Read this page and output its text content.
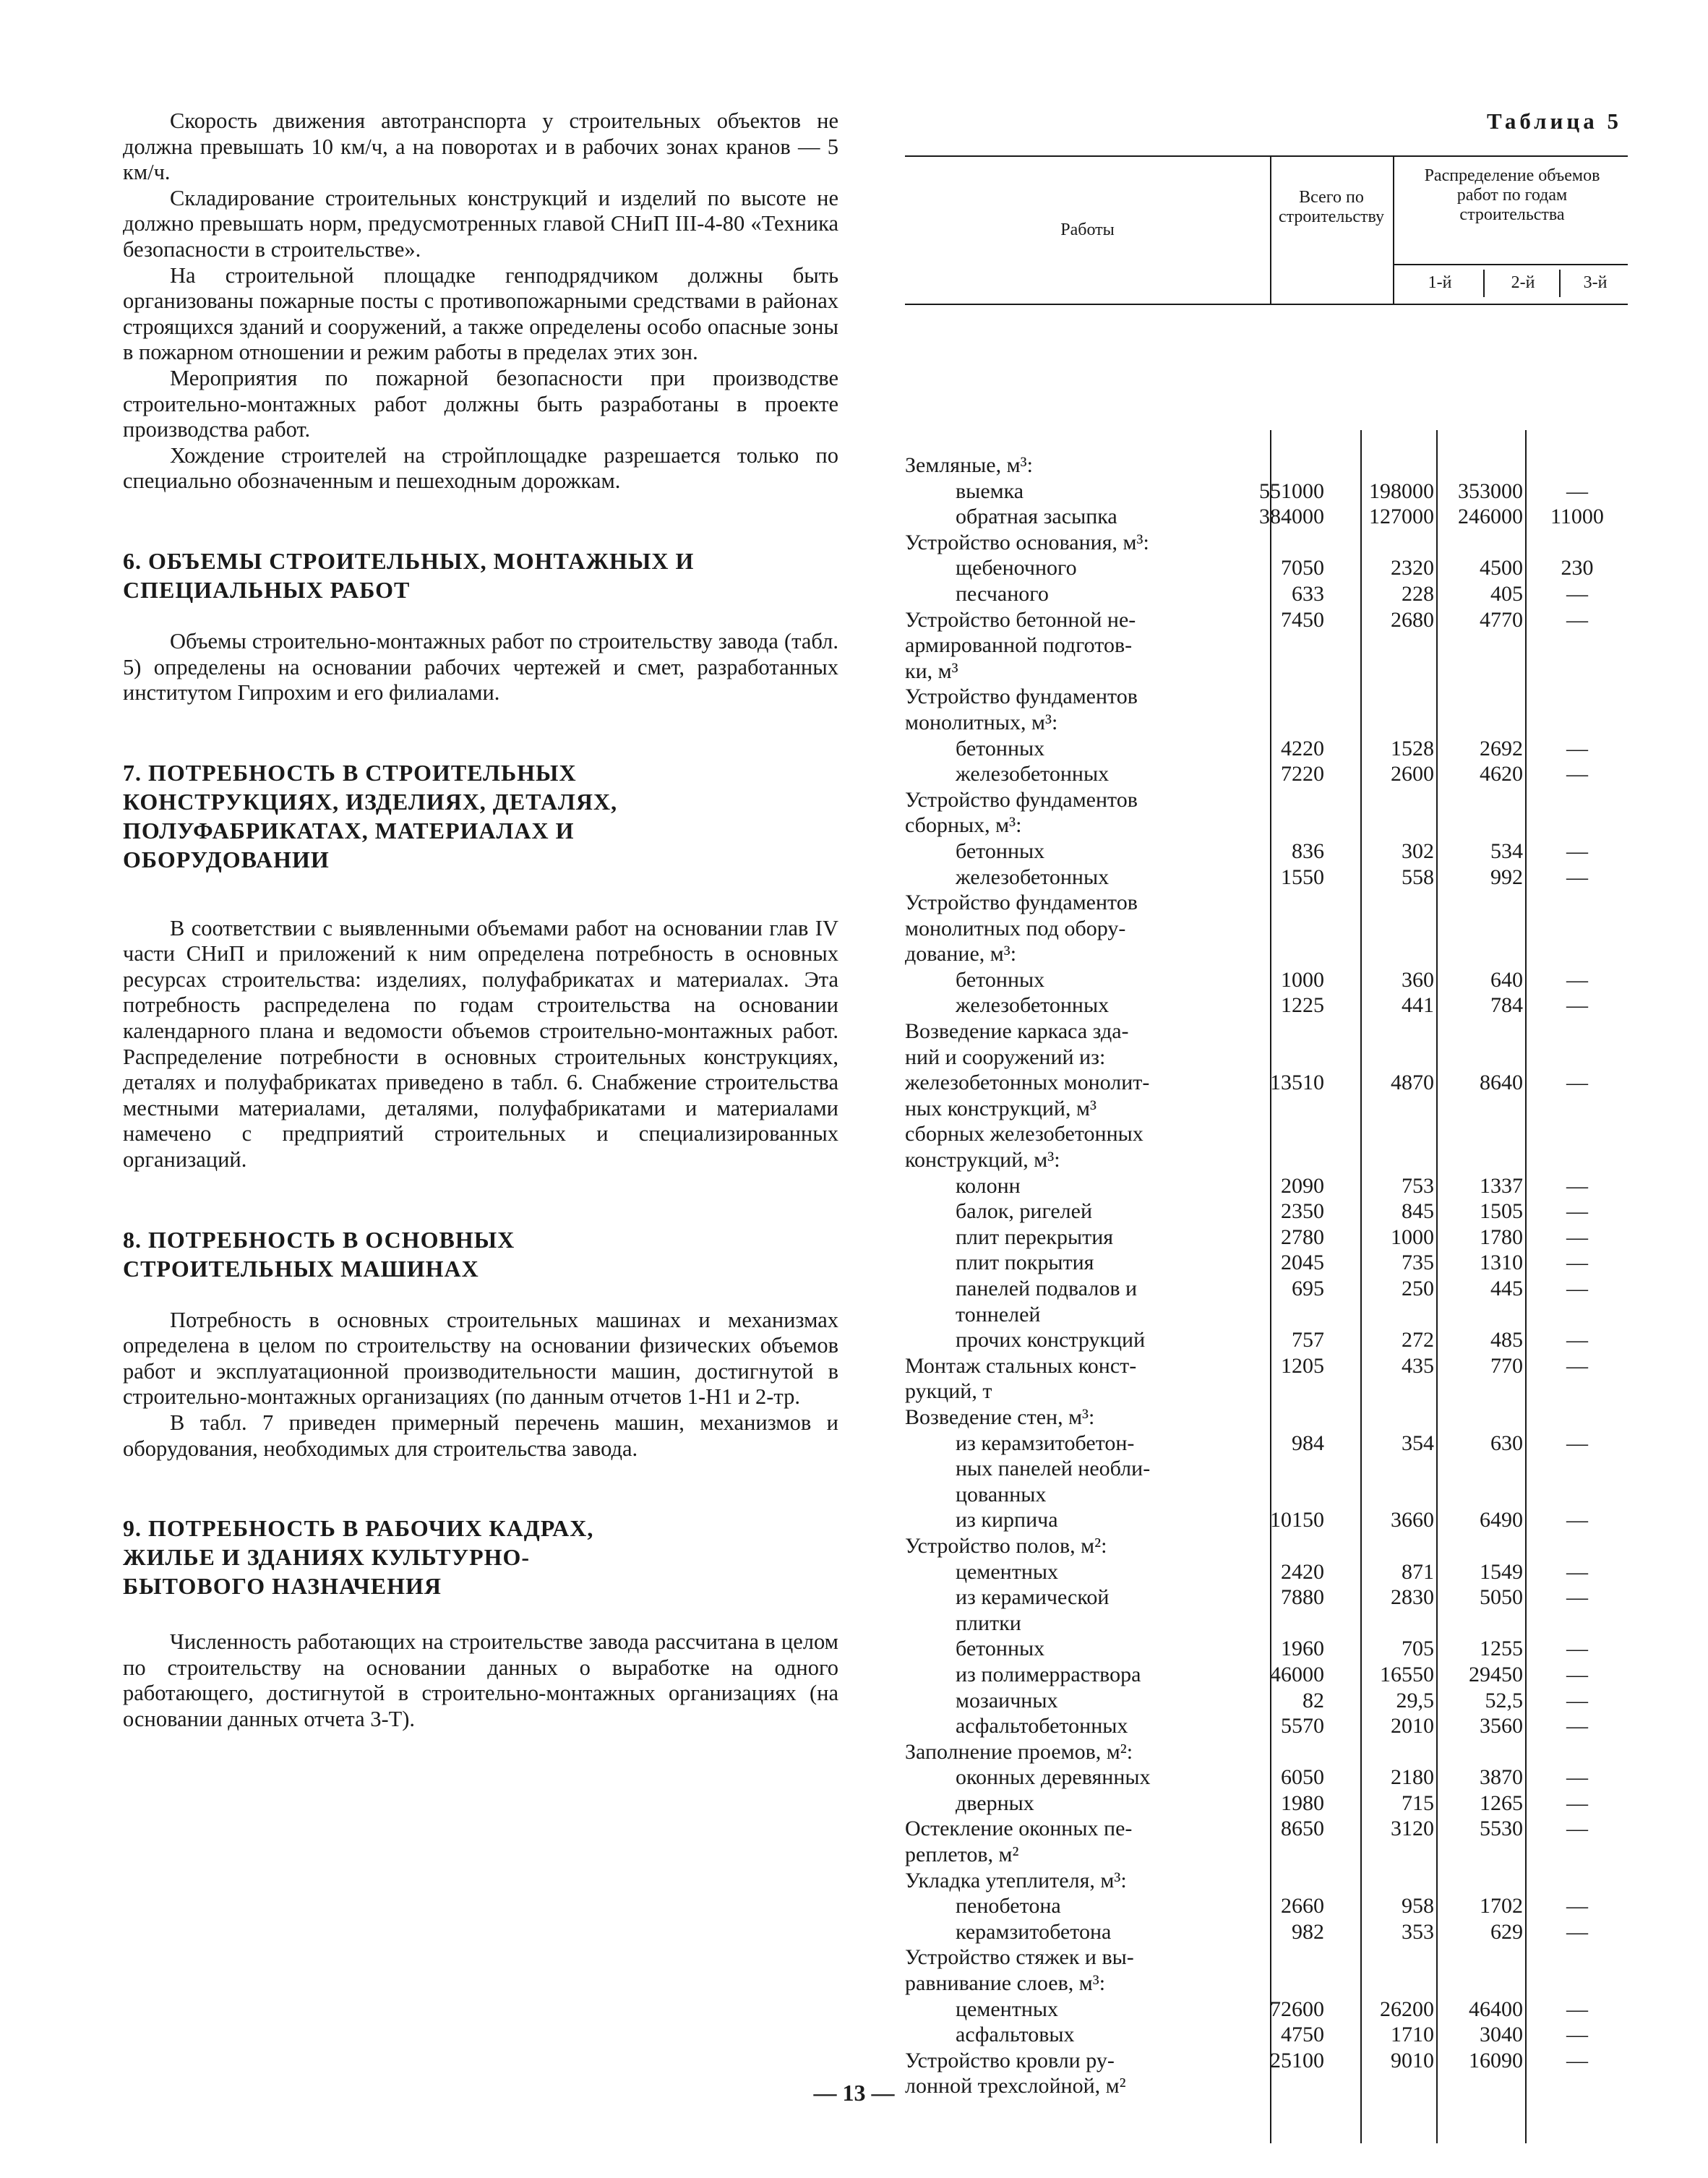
Скорость движения автотранспорта у строительных объектов не должна превышать 10 км/ч, а на поворотах и в рабочих зонах кранов — 5 км/ч.

Складирование строительных конструкций и изделий по высоте не должно превышать норм, предусмотренных главой СНиП III-4-80 «Техника безопасности в строительстве».

На строительной площадке генподрядчиком должны быть организованы пожарные посты с противопожарными средствами в районах строящихся зданий и сооружений, а также определены особо опасные зоны в пожарном отношении и режим работы в пределах этих зон.

Мероприятия по пожарной безопасности при производстве строительно-монтажных работ должны быть разработаны в проекте производства работ.

Хождение строителей на стройплощадке разрешается только по специально обозначенным и пешеходным дорожкам.

6. ОБЪЕМЫ СТРОИТЕЛЬНЫХ, МОНТАЖНЫХ И СПЕЦИАЛЬНЫХ РАБОТ

Объемы строительно-монтажных работ по строительству завода (табл. 5) определены на основании рабочих чертежей и смет, разработанных институтом Гипрохим и его филиалами.

7. ПОТРЕБНОСТЬ В СТРОИТЕЛЬНЫХ КОНСТРУКЦИЯХ, ИЗДЕЛИЯХ, ДЕТАЛЯХ, ПОЛУФАБРИКАТАХ, МАТЕРИАЛАХ И ОБОРУДОВАНИИ

В соответствии с выявленными объемами работ на основании глав IV части СНиП и приложений к ним определена потребность в основных ресурсах строительства: изделиях, полуфабрикатах и материалах. Эта потребность распределена по годам строительства на основании календарного плана и ведомости объемов строительно-монтажных работ. Распределение потребности в основных строительных конструкциях, деталях и полуфабрикатах приведено в табл. 6. Снабжение строительства местными материалами, деталями, полуфабрикатами и материалами намечено с предприятий строительных и специализированных организаций.

8. ПОТРЕБНОСТЬ В ОСНОВНЫХ СТРОИТЕЛЬНЫХ МАШИНАХ

Потребность в основных строительных машинах и механизмах определена в целом по строительству на основании физических объемов работ и эксплуатационной производительности машин, достигнутой в строительно-монтажных организациях (по данным отчетов 1-Н1 и 2-тр.

В табл. 7 приведен примерный перечень машин, механизмов и оборудования, необходимых для строительства завода.

9. ПОТРЕБНОСТЬ В РАБОЧИХ КАДРАХ, ЖИЛЬЕ И ЗДАНИЯХ КУЛЬТУРНО-БЫТОВОГО НАЗНАЧЕНИЯ

Численность работающих на строительстве завода рассчитана в целом по строительству на основании данных о выработке на одного работающего, достигнутой в строительно-монтажных организациях (на основании данных отчета 3-Т).

Таблица 5
Работы
Всего по строительству
Распределение объемов работ по годам строительства
1-й	2-й	3-й
Земляные, м³:
выемка	551000	198000	353000	—
обратная засыпка	384000	127000	246000	11000
Устройство основания, м³:
щебеночного	7050	2320	4500	230
песчаного	633	228	405	—
Устройство бетонной не-	7450	2680	4770	—
армированной подготов-
ки, м³
Устройство фундаментов
монолитных, м³:
бетонных	4220	1528	2692	—
железобетонных	7220	2600	4620	—
Устройство фундаментов
сборных, м³:
бетонных	836	302	534	—
железобетонных	1550	558	992	—
Устройство фундаментов
монолитных под обору-
дование, м³:
бетонных	1000	360	640	—
железобетонных	1225	441	784	—
Возведение каркаса зда-
ний и сооружений из:
железобетонных монолит-	13510	4870	8640	—
ных конструкций, м³
сборных железобетонных
конструкций, м³:
колонн	2090	753	1337	—
балок, ригелей	2350	845	1505	—
плит перекрытия	2780	1000	1780	—
плит покрытия	2045	735	1310	—
панелей подвалов и	695	250	445	—
тоннелей
прочих конструкций	757	272	485	—
Монтаж стальных конст-	1205	435	770	—
рукций, т
Возведение стен, м³:
из керамзитобетон-	984	354	630	—
ных панелей необли-
цованных
из кирпича	10150	3660	6490	—
Устройство полов, м²:
цементных	2420	871	1549	—
из керамической	7880	2830	5050	—
плитки
бетонных	1960	705	1255	—
из полимерраствора	46000	16550	29450	—
мозаичных	82	29,5	52,5	—
асфальтобетонных	5570	2010	3560	—
Заполнение проемов, м²:
оконных деревянных	6050	2180	3870	—
дверных	1980	715	1265	—
Остекление оконных пе-	8650	3120	5530	—
реплетов, м²
Укладка утеплителя, м³:
пенобетона	2660	958	1702	—
керамзитобетона	982	353	629	—
Устройство стяжек и вы-
равнивание слоев, м³:
цементных	72600	26200	46400	—
асфальтовых	4750	1710	3040	—
Устройство кровли ру-	25100	9010	16090	—
лонной трехслойной, м²
— 13 —
